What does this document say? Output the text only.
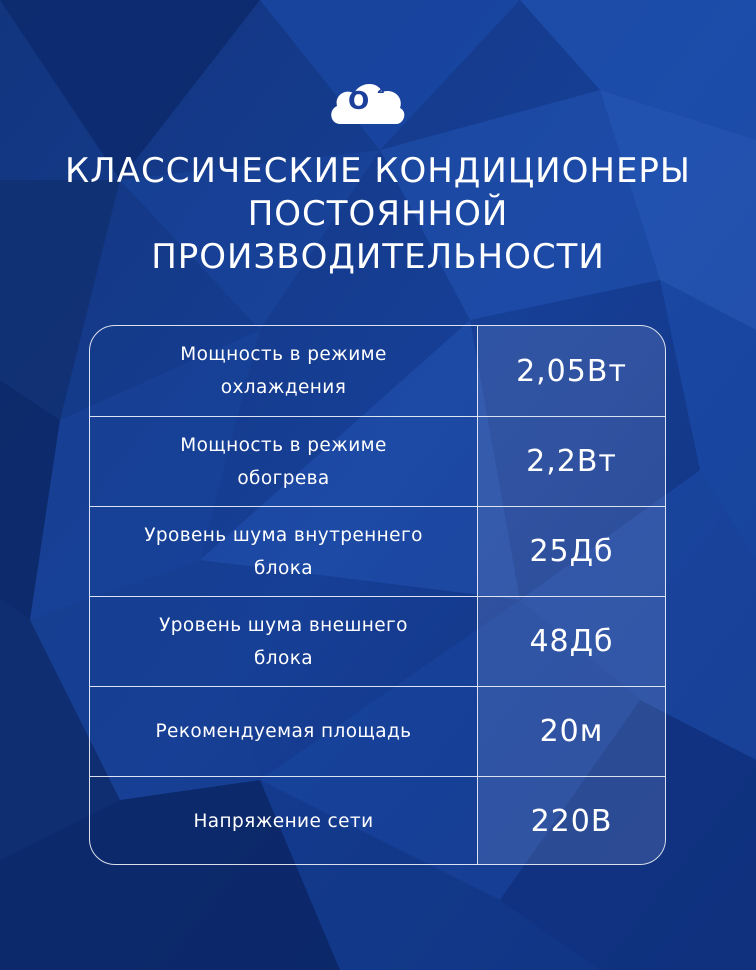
O 2
КЛАССИЧЕСКИЕ КОНДИЦИОНЕРЫ
ПОСТОЯННОЙ
ПРОИЗВОДИТЕЛЬНОСТИ
Мощность в режиме
охлаждения	2,05Вт
Мощность в режиме
обогрева	2,2Вт
Уровень шума внутреннего
блока	25Дб
Уровень шума внешнего
блока	48Дб
Рекомендуемая площадь	20м
Напряжение сети	220В
